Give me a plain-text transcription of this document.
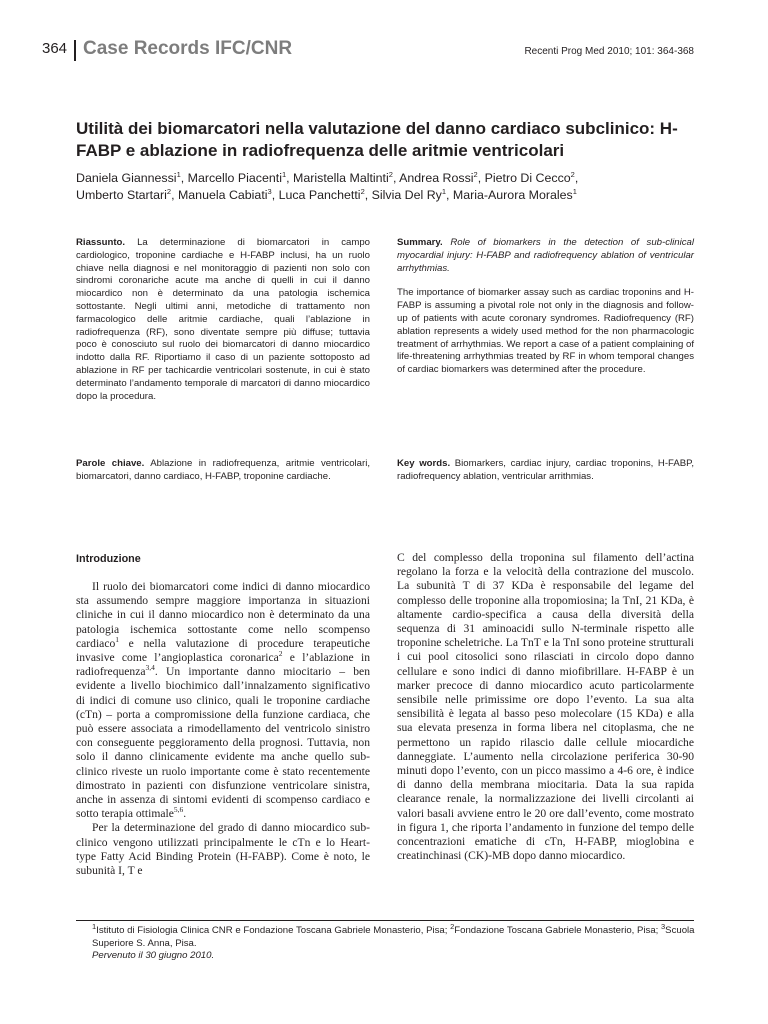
364 Case Records IFC/CNR	Recenti Prog Med 2010; 101: 364-368
Utilità dei biomarcatori nella valutazione del danno cardiaco subclinico: H-FABP e ablazione in radiofrequenza delle aritmie ventricolari
Daniela Giannessi$^1$, Marcello Piacenti$^1$, Maristella Maltinti$^2$, Andrea Rossi$^2$, Pietro Di Cecco$^2$,
Umberto Startari$^2$, Manuela Cabiati$^3$, Luca Panchetti$^2$, Silvia Del Ry$^1$, Maria-Aurora Morales$^1$
Riassunto. La determinazione di biomarcatori in campo cardiologico, troponine cardiache e H-FABP inclusi, ha un ruolo chiave nella diagnosi e nel monitoraggio di pazienti non solo con sindromi coronariche acute ma anche di quelli in cui il danno miocardico non è determinato da una patologia ischemica sottostante. Negli ultimi anni, metodiche di trattamento non farmacologico delle aritmie cardiache, quali l’ablazione in radiofrequenza (RF), sono diventate sempre più diffuse; tuttavia poco è conosciuto sul ruolo dei biomarcatori di danno miocardico indotto dalla RF. Riportiamo il caso di un paziente sottoposto ad ablazione in RF per tachicardie ventricolari sostenute, in cui è stato determinato l’andamento temporale di marcatori di danno miocardico dopo la procedura.
Summary. Role of biomarkers in the detection of sub-clinical myocardial injury: H-FABP and radiofrequency ablation of ventricular arrhythmias.
The importance of biomarker assay such as cardiac troponins and H-FABP is assuming a pivotal role not only in the diagnosis and follow-up of patients with acute coronary syndromes. Radiofrequency (RF) ablation represents a widely used method for the non pharmacologic treatment of arrhythmias. We report a case of a patient complaining of life-threatening arrhythmias treated by RF in whom temporal changes of cardiac biomarkers was determined after the procedure.
Parole chiave. Ablazione in radiofrequenza, aritmie ventricolari, biomarcatori, danno cardiaco, H-FABP, troponine cardiache.
Key words. Biomarkers, cardiac injury, cardiac troponins, H-FABP, radiofrequency ablation, ventricular arrithmias.
Introduzione

Il ruolo dei biomarcatori come indici di danno miocardico sta assumendo sempre maggiore importanza in situazioni cliniche in cui il danno miocardico non è determinato da una patologia ischemica sottostante come nello scompenso cardiaco$^1$ e nella valutazione di procedure terapeutiche invasive come l’angioplastica coronarica$^2$ e l’ablazione in radiofrequenza$^{3,4}$. Un importante danno miocitario – ben evidente a livello biochimico dall’innalzamento significativo di indici di comune uso clinico, quali le troponine cardiache (cTn) – porta a compromissione della funzione cardiaca, che può essere associata a rimodellamento del ventricolo sinistro con conseguente peggioramento della prognosi. Tuttavia, non solo il danno clinicamente evidente ma anche quello sub-clinico riveste un ruolo importante come è stato recentemente dimostrato in pazienti con disfunzione ventricolare sinistra, anche in assenza di sintomi evidenti di scompenso cardiaco e sotto terapia ottimale$^{5,6}$.

Per la determinazione del grado di danno miocardico sub-clinico vengono utilizzati principalmente le cTn e lo Heart-type Fatty Acid Binding Protein (H-FABP). Come è noto, le subunità I, T e

C del complesso della troponina sul filamento dell’actina regolano la forza e la velocità della contrazione del muscolo. La subunità T di 37 KDa è responsabile del legame del complesso delle troponine alla tropomiosina; la TnI, 21 KDa, è altamente cardio-specifica a causa della diversità della sequenza di 31 aminoacidi sullo N-terminale rispetto alle troponine scheletriche. La TnT e la TnI sono proteine strutturali i cui pool citosolici sono rilasciati in circolo dopo danno cellulare e sono indici di danno miofibrillare. H-FABP è un marker precoce di danno miocardico acuto particolarmente sensibile nelle primissime ore dopo l’evento. La sua alta sensibilità è legata al basso peso molecolare (15 KDa) e alla sua elevata presenza in forma libera nel citoplasma, che ne permettono un rapido rilascio dalle cellule miocardiche danneggiate. L’aumento nella circolazione periferica 30-90 minuti dopo l’evento, con un picco massimo a 4-6 ore, è indice di danno della membrana miocitaria. Data la sua rapida clearance renale, la normalizzazione dei livelli circolanti ai valori basali avviene entro le 20 ore dall’evento, come mostrato in figura 1, che riporta l’andamento in funzione del tempo delle concentrazioni ematiche di cTn, H-FABP, mioglobina e creatinchinasi (CK)-MB dopo danno miocardico.

$^1$Istituto di Fisiologia Clinica CNR e Fondazione Toscana Gabriele Monasterio, Pisa; $^2$Fondazione Toscana Gabriele Monasterio, Pisa; $^3$Scuola Superiore S. Anna, Pisa.
Pervenuto il 30 giugno 2010.
